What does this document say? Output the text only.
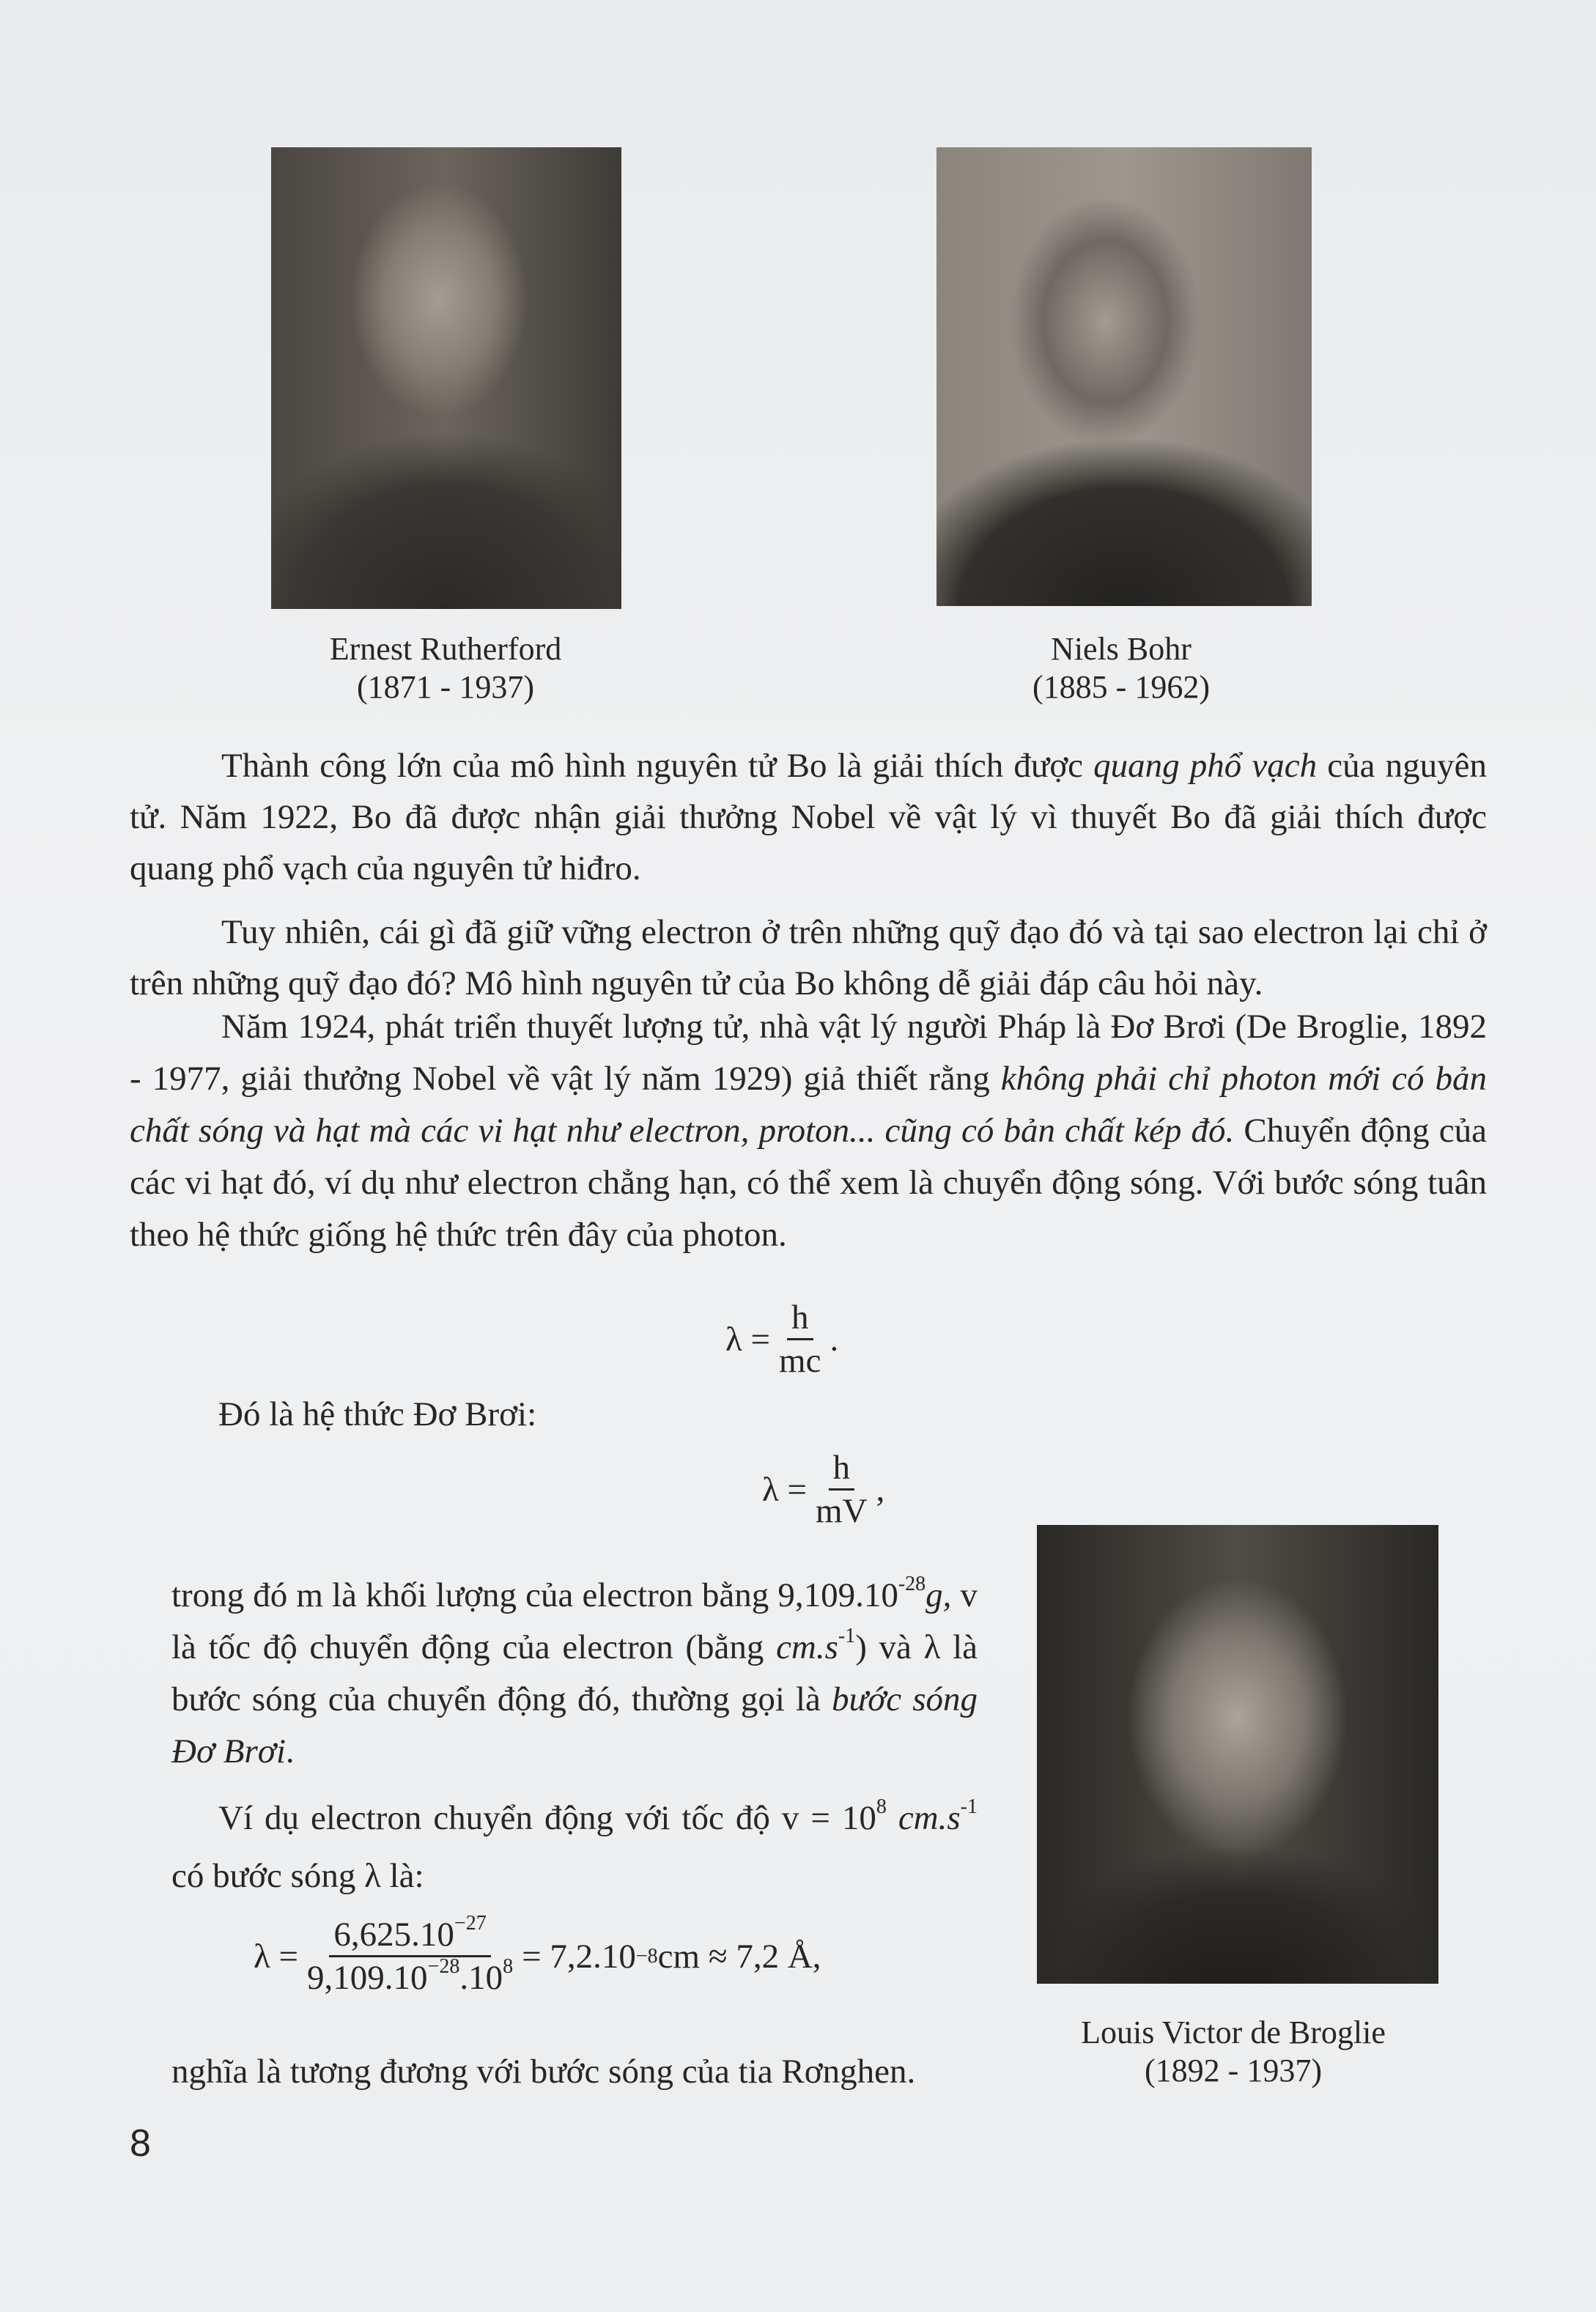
Ernest Rutherford
(1871 - 1937)
Niels Bohr
(1885 - 1962)
Thành công lớn của mô hình nguyên tử Bo là giải thích được quang phổ vạch của nguyên tử. Năm 1922, Bo đã được nhận giải thưởng Nobel về vật lý vì thuyết Bo đã giải thích được quang phổ vạch của nguyên tử hiđro.
Tuy nhiên, cái gì đã giữ vững electron ở trên những quỹ đạo đó và tại sao electron lại chỉ ở trên những quỹ đạo đó? Mô hình nguyên tử của Bo không dễ giải đáp câu hỏi này.
Năm 1924, phát triển thuyết lượng tử, nhà vật lý người Pháp là Đơ Brơi (De Broglie, 1892 - 1977, giải thưởng Nobel về vật lý năm 1929) giả thiết rằng không phải chỉ photon mới có bản chất sóng và hạt mà các vi hạt như electron, proton... cũng có bản chất kép đó. Chuyển động của các vi hạt đó, ví dụ như electron chẳng hạn, có thể xem là chuyển động sóng. Với bước sóng tuân theo hệ thức giống hệ thức trên đây của photon.
$\lambda = \frac{h}{mc}$ .
Đó là hệ thức Đơ Brơi:
$\lambda = \frac{h}{mV}$ ,
trong đó m là khối lượng của electron bằng $9,109.10^{-28}g$, v là tốc độ chuyển động của electron (bằng $cm.s^{-1}$) và λ là bước sóng của chuyển động đó, thường gọi là bước sóng Đơ Brơi.
Ví dụ electron chuyển động với tốc độ $v = 10^8$ $cm.s^{-1}$ có bước sóng λ là:
$\lambda = \frac{6,625.10^{-27}}{9,109.10^{-28}.10^8} = 7,2.10 -8$ cm ≈ 7,2 Å,
nghĩa là tương đương với bước sóng của tia Rơnghen.
Louis Victor de Broglie
(1892 - 1937)
8
